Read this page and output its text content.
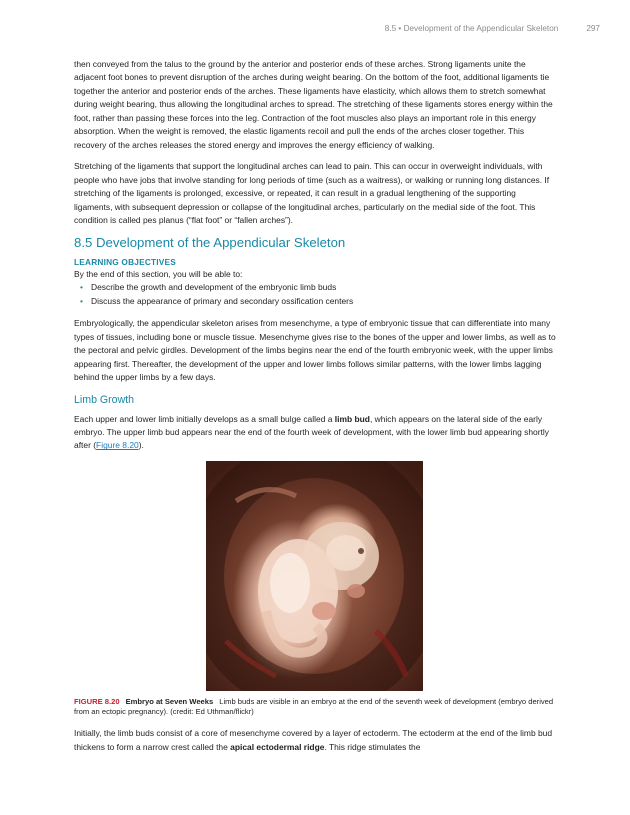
8.5 • Development of the Appendicular Skeleton	297

then conveyed from the talus to the ground by the anterior and posterior ends of these arches. Strong ligaments unite the adjacent foot bones to prevent disruption of the arches during weight bearing. On the bottom of the foot, additional ligaments tie together the anterior and posterior ends of the arches. These ligaments have elasticity, which allows them to stretch somewhat during weight bearing, thus allowing the longitudinal arches to spread. The stretching of these ligaments stores energy within the foot, rather than passing these forces into the leg. Contraction of the foot muscles also plays an important role in this energy absorption. When the weight is removed, the elastic ligaments recoil and pull the ends of the arches closer together. This recovery of the arches releases the stored energy and improves the energy efficiency of walking.

Stretching of the ligaments that support the longitudinal arches can lead to pain. This can occur in overweight individuals, with people who have jobs that involve standing for long periods of time (such as a waitress), or walking or running long distances. If stretching of the ligaments is prolonged, excessive, or repeated, it can result in a gradual lengthening of the supporting ligaments, with subsequent depression or collapse of the longitudinal arches, particularly on the medial side of the foot. This condition is called pes planus (“flat foot” or “fallen arches”).

8.5 Development of the Appendicular Skeleton
LEARNING OBJECTIVES

By the end of this section, you will be able to:

• Describe the growth and development of the embryonic limb buds
• Discuss the appearance of primary and secondary ossification centers

Embryologically, the appendicular skeleton arises from mesenchyme, a type of embryonic tissue that can differentiate into many types of tissues, including bone or muscle tissue. Mesenchyme gives rise to the bones of the upper and lower limbs, as well as to the pectoral and pelvic girdles. Development of the limbs begins near the end of the fourth embryonic week, with the upper limbs appearing first. Thereafter, the development of the upper and lower limbs follows similar patterns, with the lower limbs lagging behind the upper limbs by a few days.

Limb Growth

Each upper and lower limb initially develops as a small bulge called a limb bud, which appears on the lateral side of the early embryo. The upper limb bud appears near the end of the fourth week of development, with the lower limb bud appearing shortly after (Figure 8.20).

FIGURE 8.20 Embryo at Seven Weeks Limb buds are visible in an embryo at the end of the seventh week of development (embryo derived from an ectopic pregnancy). (credit: Ed Uthman/flickr)

Initially, the limb buds consist of a core of mesenchyme covered by a layer of ectoderm. The ectoderm at the end of the limb bud thickens to form a narrow crest called the apical ectodermal ridge. This ridge stimulates the
